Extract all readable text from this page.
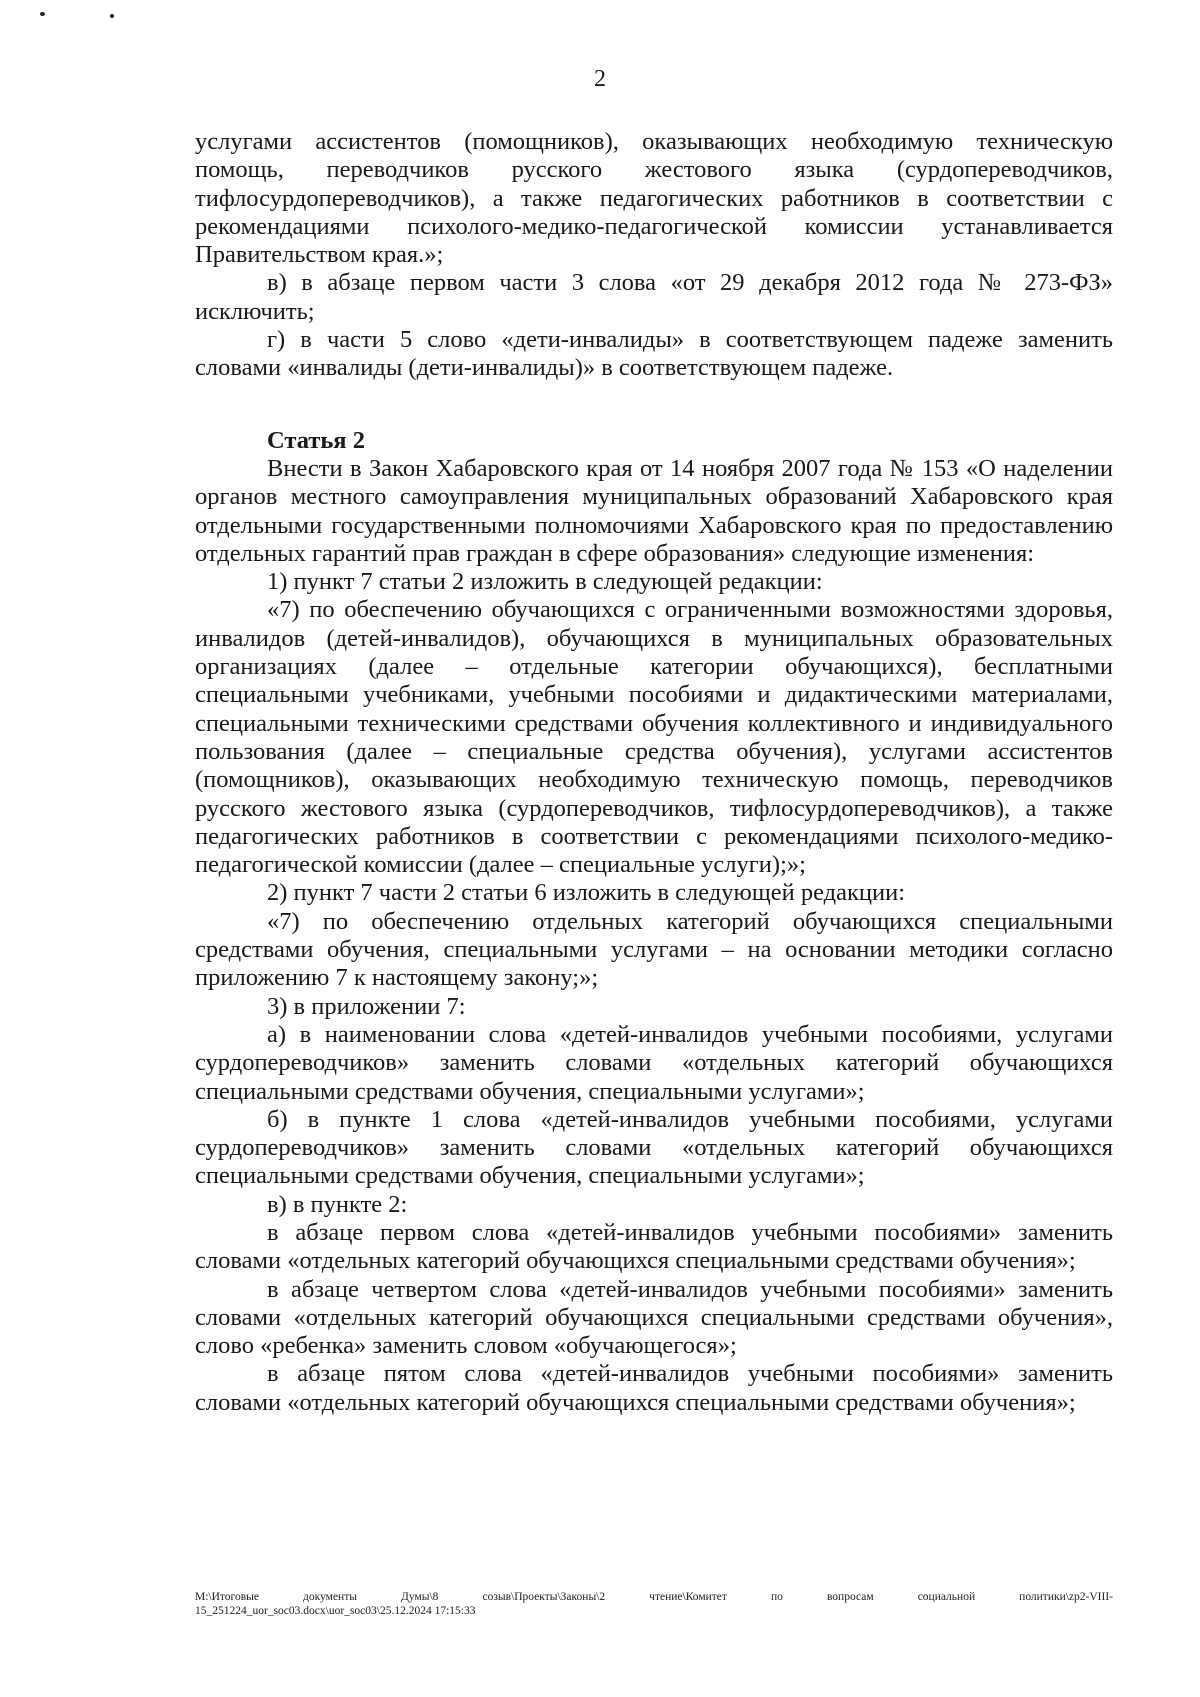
2

услугами ассистентов (помощников), оказывающих необходимую техническую помощь, переводчиков русского жестового языка (сурдопереводчиков, тифлосурдопереводчиков), а также педагогических работников в соответствии с рекомендациями психолого-медико-педагогической комиссии устанавливается Правительством края.»;

в) в абзаце первом части 3 слова «от 29 декабря 2012 года № 273-ФЗ» исключить;

г) в части 5 слово «дети-инвалиды» в соответствующем падеже заменить словами «инвалиды (дети-инвалиды)» в соответствующем падеже.

Статья 2

Внести в Закон Хабаровского края от 14 ноября 2007 года № 153 «О наделении органов местного самоуправления муниципальных образований Хабаровского края отдельными государственными полномочиями Хабаровского края по предоставлению отдельных гарантий прав граждан в сфере образования» следующие изменения:

1) пункт 7 статьи 2 изложить в следующей редакции:

«7) по обеспечению обучающихся с ограниченными возможностями здоровья, инвалидов (детей-инвалидов), обучающихся в муниципальных образовательных организациях (далее – отдельные категории обучающихся), бесплатными специальными учебниками, учебными пособиями и дидактическими материалами, специальными техническими средствами обучения коллективного и индивидуального пользования (далее – специальные средства обучения), услугами ассистентов (помощников), оказывающих необходимую техническую помощь, переводчиков русского жестового языка (сурдопереводчиков, тифлосурдопереводчиков), а также педагогических работников в соответствии с рекомендациями психолого-медико-педагогической комиссии (далее – специальные услуги);»;

2) пункт 7 части 2 статьи 6 изложить в следующей редакции:

«7) по обеспечению отдельных категорий обучающихся специальными средствами обучения, специальными услугами – на основании методики согласно приложению 7 к настоящему закону;»;

3) в приложении 7:

а) в наименовании слова «детей-инвалидов учебными пособиями, услугами сурдопереводчиков» заменить словами «отдельных категорий обучающихся специальными средствами обучения, специальными услугами»;

б) в пункте 1 слова «детей-инвалидов учебными пособиями, услугами сурдопереводчиков» заменить словами «отдельных категорий обучающихся специальными средствами обучения, специальными услугами»;

в) в пункте 2:

в абзаце первом слова «детей-инвалидов учебными пособиями» заменить словами «отдельных категорий обучающихся специальными средствами обучения»;

в абзаце четвертом слова «детей-инвалидов учебными пособиями» заменить словами «отдельных категорий обучающихся специальными средствами обучения», слово «ребенка» заменить словом «обучающегося»;

в абзаце пятом слова «детей-инвалидов учебными пособиями» заменить словами «отдельных категорий обучающихся специальными средствами обучения»;

M:\Итоговые документы Думы\8 созыв\Проекты\Законы\2 чтение\Комитет по вопросам социальной политики\zp2-VIII-

15_251224_uor_soc03.docx\uor_soc03\25.12.2024 17:15:33
